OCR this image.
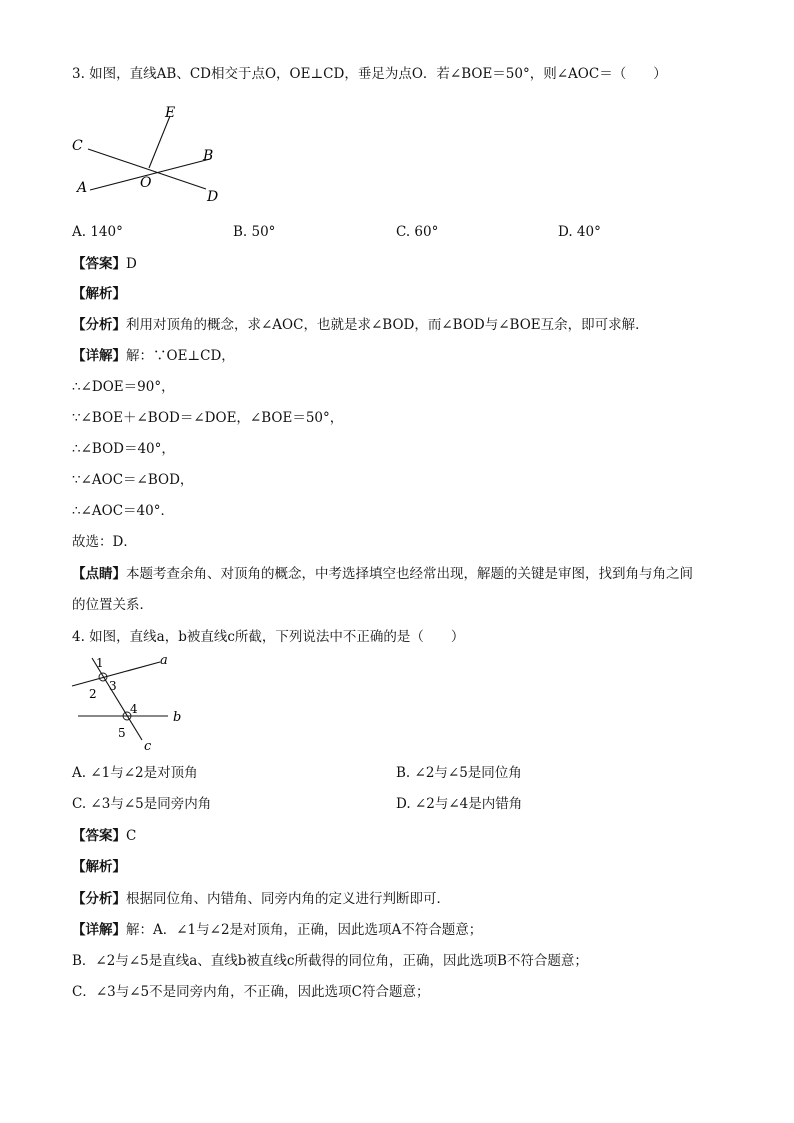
3. 如图，直线AB、CD相交于点O，OE⊥CD，垂足为点O．若∠BOE＝50°，则∠AOC＝（　　）
E
C
B
O
A
D
A. 140°	B. 50°	C. 60°	D. 40°
【答案】D
【解析】
【分析】利用对顶角的概念，求∠AOC，也就是求∠BOD，而∠BOD与∠BOE互余，即可求解．
【详解】解：∵OE⊥CD，
∴∠DOE＝90°，
∵∠BOE＋∠BOD＝∠DOE，∠BOE＝50°，
∴∠BOD＝40°，
∵∠AOC＝∠BOD，
∴∠AOC＝40°．
故选：D．
【点睛】本题考查余角、对顶角的概念，中考选择填空也经常出现，解题的关键是审图，找到角与角之间
的位置关系．
4. 如图，直线a，b被直线c所截，下列说法中不正确的是（　　）
a
b
c
1
2
3
4
5
A. ∠1与∠2是对顶角	B. ∠2与∠5是同位角
C. ∠3与∠5是同旁内角	D. ∠2与∠4是内错角
【答案】C
【解析】
【分析】根据同位角、内错角、同旁内角的定义进行判断即可．
【详解】解：A．∠1与∠2是对顶角，正确，因此选项A不符合题意；
B．∠2与∠5是直线a、直线b被直线c所截得的同位角，正确，因此选项B不符合题意；
C．∠3与∠5不是同旁内角，不正确，因此选项C符合题意；
